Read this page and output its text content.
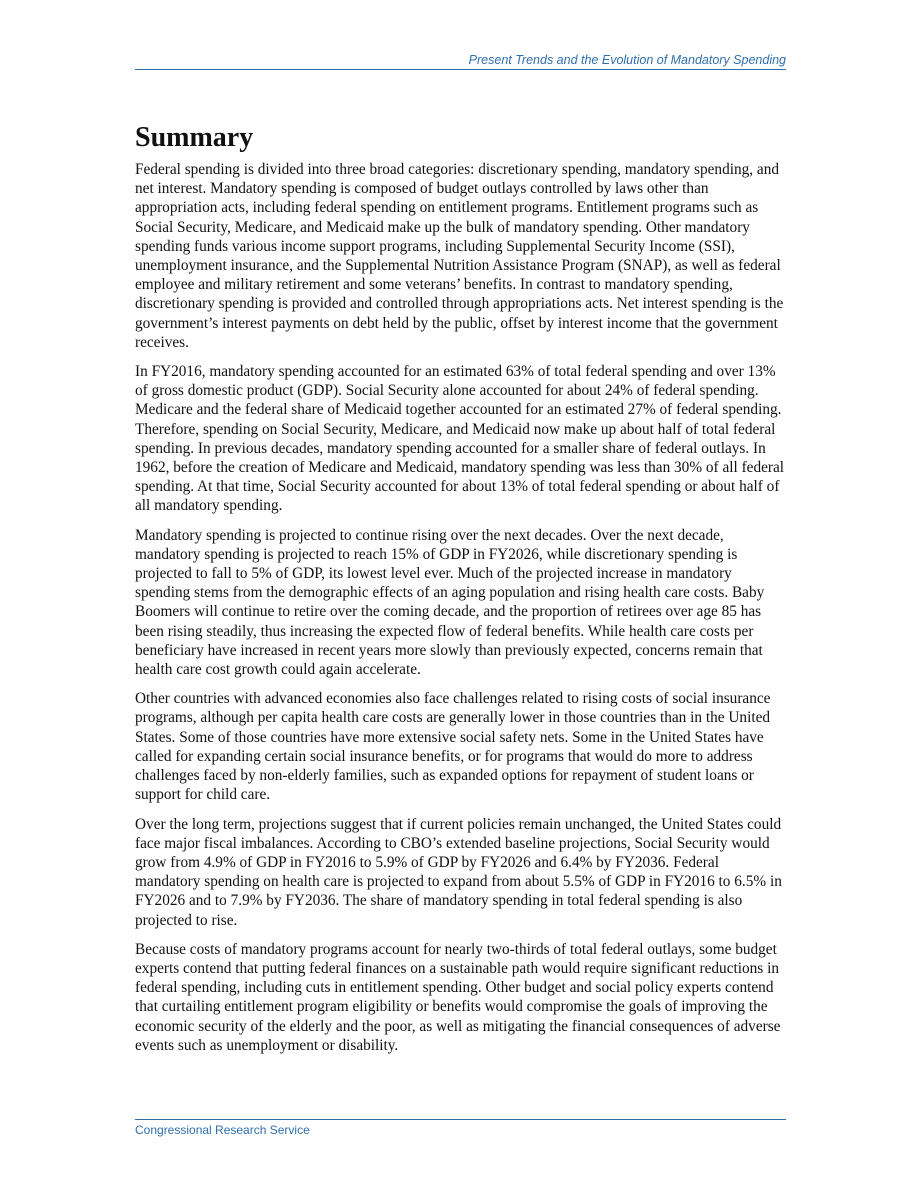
Present Trends and the Evolution of Mandatory Spending
Summary

Federal spending is divided into three broad categories: discretionary spending, mandatory spending, and net interest. Mandatory spending is composed of budget outlays controlled by laws other than appropriation acts, including federal spending on entitlement programs. Entitlement programs such as Social Security, Medicare, and Medicaid make up the bulk of mandatory spending. Other mandatory spending funds various income support programs, including Supplemental Security Income (SSI), unemployment insurance, and the Supplemental Nutrition Assistance Program (SNAP), as well as federal employee and military retirement and some veterans’ benefits. In contrast to mandatory spending, discretionary spending is provided and controlled through appropriations acts. Net interest spending is the government’s interest payments on debt held by the public, offset by interest income that the government receives.

In FY2016, mandatory spending accounted for an estimated 63% of total federal spending and over 13% of gross domestic product (GDP). Social Security alone accounted for about 24% of federal spending. Medicare and the federal share of Medicaid together accounted for an estimated 27% of federal spending. Therefore, spending on Social Security, Medicare, and Medicaid now make up about half of total federal spending. In previous decades, mandatory spending accounted for a smaller share of federal outlays. In 1962, before the creation of Medicare and Medicaid, mandatory spending was less than 30% of all federal spending. At that time, Social Security accounted for about 13% of total federal spending or about half of all mandatory spending.

Mandatory spending is projected to continue rising over the next decades. Over the next decade, mandatory spending is projected to reach 15% of GDP in FY2026, while discretionary spending is projected to fall to 5% of GDP, its lowest level ever. Much of the projected increase in mandatory spending stems from the demographic effects of an aging population and rising health care costs. Baby Boomers will continue to retire over the coming decade, and the proportion of retirees over age 85 has been rising steadily, thus increasing the expected flow of federal benefits. While health care costs per beneficiary have increased in recent years more slowly than previously expected, concerns remain that health care cost growth could again accelerate.

Other countries with advanced economies also face challenges related to rising costs of social insurance programs, although per capita health care costs are generally lower in those countries than in the United States. Some of those countries have more extensive social safety nets. Some in the United States have called for expanding certain social insurance benefits, or for programs that would do more to address challenges faced by non-elderly families, such as expanded options for repayment of student loans or support for child care.

Over the long term, projections suggest that if current policies remain unchanged, the United States could face major fiscal imbalances. According to CBO’s extended baseline projections, Social Security would grow from 4.9% of GDP in FY2016 to 5.9% of GDP by FY2026 and 6.4% by FY2036. Federal mandatory spending on health care is projected to expand from about 5.5% of GDP in FY2016 to 6.5% in FY2026 and to 7.9% by FY2036. The share of mandatory spending in total federal spending is also projected to rise.

Because costs of mandatory programs account for nearly two-thirds of total federal outlays, some budget experts contend that putting federal finances on a sustainable path would require significant reductions in federal spending, including cuts in entitlement spending. Other budget and social policy experts contend that curtailing entitlement program eligibility or benefits would compromise the goals of improving the economic security of the elderly and the poor, as well as mitigating the financial consequences of adverse events such as unemployment or disability.

Congressional Research Service
